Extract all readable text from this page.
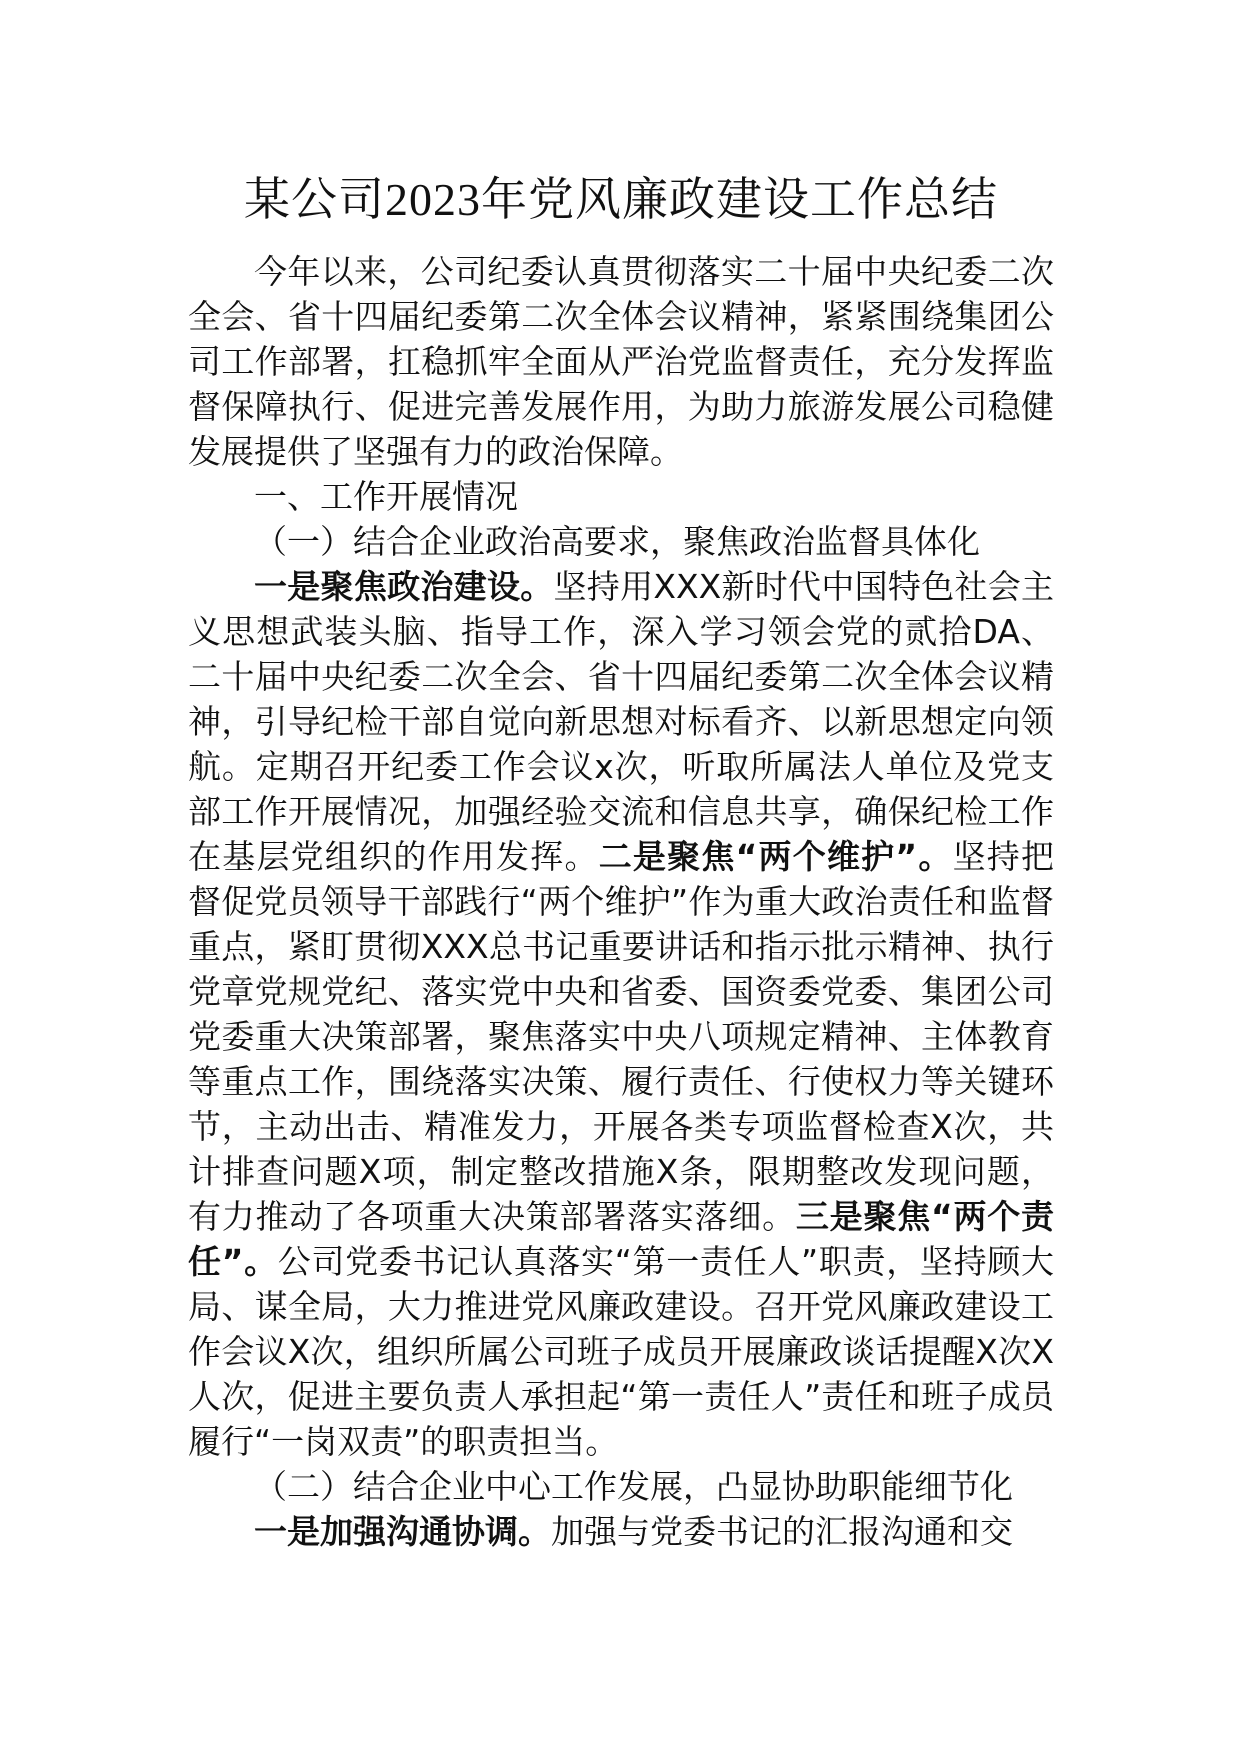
某公司2023年党风廉政建设工作总结

今年以来，公司纪委认真贯彻落实二十届中央纪委二次全会、省十四届纪委第二次全体会议精神，紧紧围绕集团公司工作部署，扛稳抓牢全面从严治党监督责任，充分发挥监督保障执行、促进完善发展作用，为助力旅游发展公司稳健发展提供了坚强有力的政治保障。

一、工作开展情况

（一）结合企业政治高要求，聚焦政治监督具体化

一是聚焦政治建设。坚持用XXX新时代中国特色社会主义思想武装头脑、指导工作，深入学习领会党的贰拾DA、二十届中央纪委二次全会、省十四届纪委第二次全体会议精神，引导纪检干部自觉向新思想对标看齐、以新思想定向领航。定期召开纪委工作会议x次，听取所属法人单位及党支部工作开展情况，加强经验交流和信息共享，确保纪检工作在基层党组织的作用发挥。二是聚焦“两个维护”。坚持把督促党员领导干部践行“两个维护”作为重大政治责任和监督重点，紧盯贯彻XXX总书记重要讲话和指示批示精神、执行党章党规党纪、落实党中央和省委、国资委党委、集团公司党委重大决策部署，聚焦落实中央八项规定精神、主体教育等重点工作，围绕落实决策、履行责任、行使权力等关键环节，主动出击、精准发力，开展各类专项监督检查X次，共计排查问题X项，制定整改措施X条，限期整改发现问题，有力推动了各项重大决策部署落实落细。三是聚焦“两个责任”。公司党委书记认真落实“第一责任人”职责，坚持顾大局、谋全局，大力推进党风廉政建设。召开党风廉政建设工作会议X次，组织所属公司班子成员开展廉政谈话提醒X次X人次，促进主要负责人承担起“第一责任人”责任和班子成员履行“一岗双责”的职责担当。

（二）结合企业中心工作发展，凸显协助职能细节化

一是加强沟通协调。加强与党委书记的汇报沟通和交
